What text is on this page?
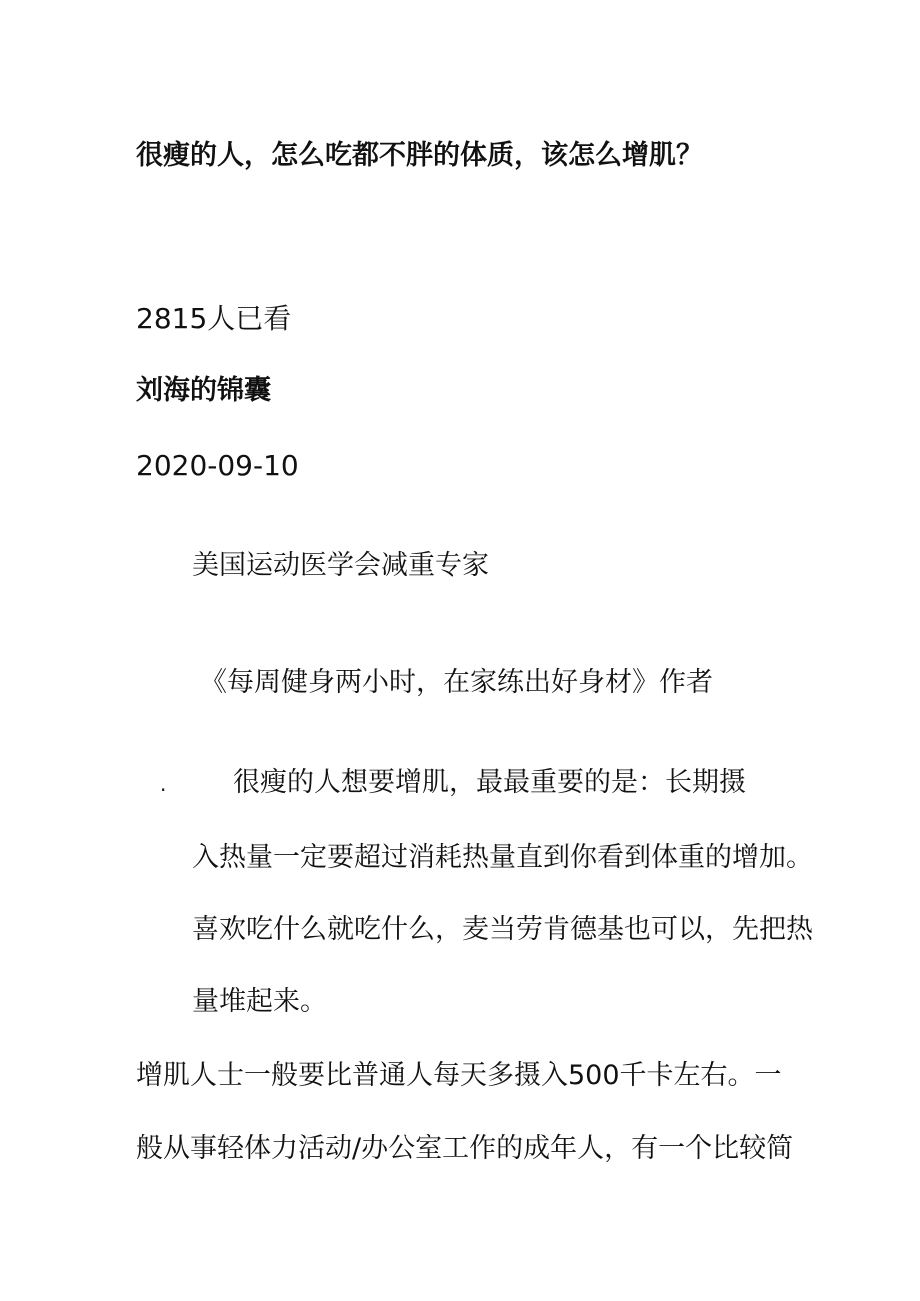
很瘦的人，怎么吃都不胖的体质，该怎么增肌？
2815人已看
刘海的锦囊
2020-09-10
美国运动医学会减重专家
《每周健身两小时，在家练出好身材》作者
. 很瘦的人想要增肌，最最重要的是：长期摄
入热量一定要超过消耗热量直到你看到体重的增加。
喜欢吃什么就吃什么，麦当劳肯德基也可以，先把热
量堆起来。
增肌人士一般要比普通人每天多摄入500千卡左右。一
般从事轻体力活动/办公室工作的成年人，有一个比较简
